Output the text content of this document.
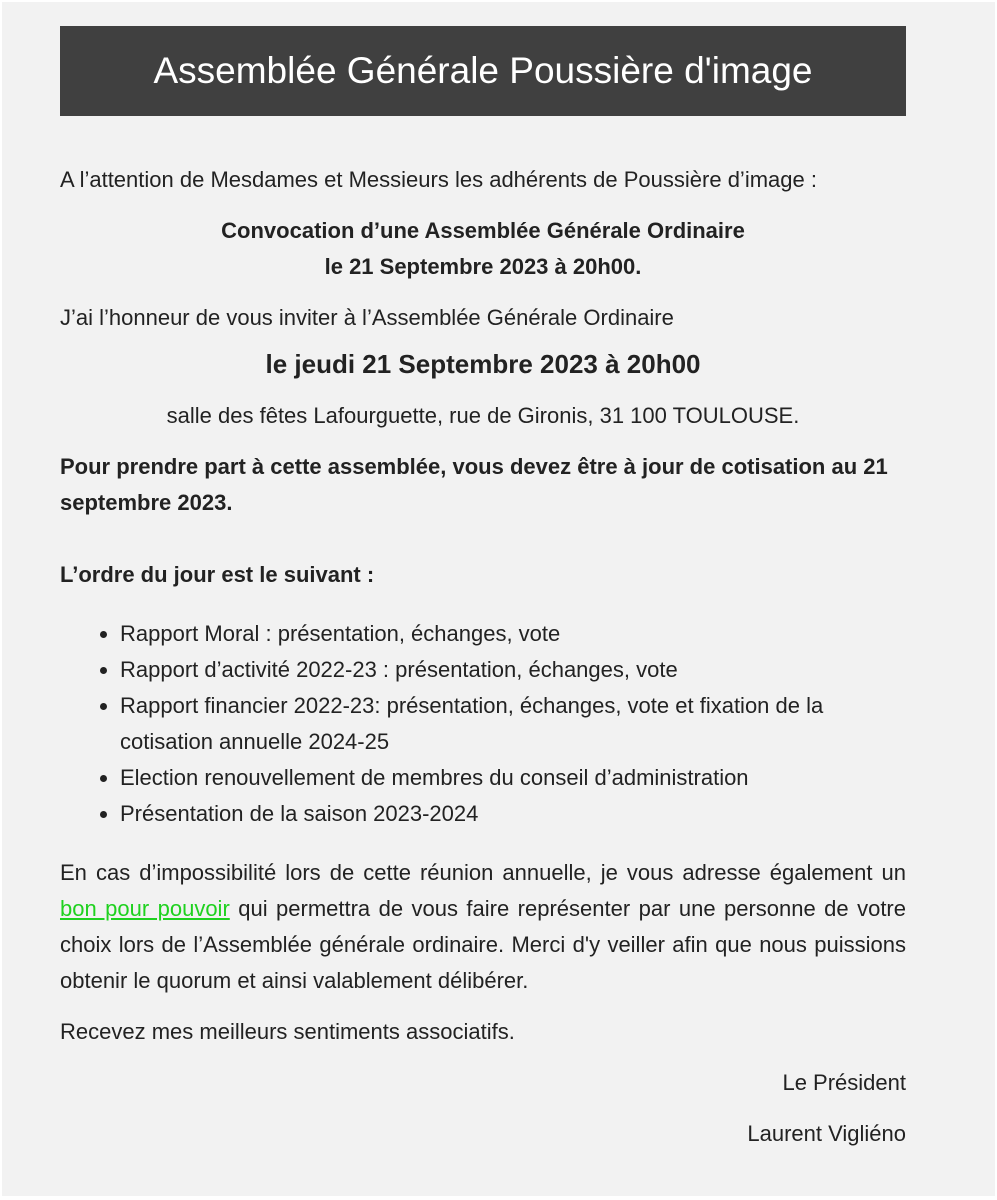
Assemblée Générale Poussière d'image

A l’attention de Mesdames et Messieurs les adhérents de Poussière d’image :

Convocation d’une Assemblée Générale Ordinaire
le 21 Septembre 2023 à 20h00.

J’ai l’honneur de vous inviter à l’Assemblée Générale Ordinaire

le jeudi 21 Septembre 2023 à 20h00

salle des fêtes Lafourguette, rue de Gironis, 31 100 TOULOUSE.

Pour prendre part à cette assemblée, vous devez être à jour de cotisation au 21 septembre 2023.

L’ordre du jour est le suivant :

• Rapport Moral : présentation, échanges, vote
• Rapport d’activité 2022-23 : présentation, échanges, vote
• Rapport financier 2022-23: présentation, échanges, vote et fixation de la cotisation annuelle 2024-25
• Election renouvellement de membres du conseil d’administration
• Présentation de la saison 2023-2024

En cas d’impossibilité lors de cette réunion annuelle, je vous adresse également un bon pour pouvoir qui permettra de vous faire représenter par une personne de votre choix lors de l’Assemblée générale ordinaire. Merci d'y veiller afin que nous puissions obtenir le quorum et ainsi valablement délibérer.

Recevez mes meilleurs sentiments associatifs.

Le Président

Laurent Vigliéno
